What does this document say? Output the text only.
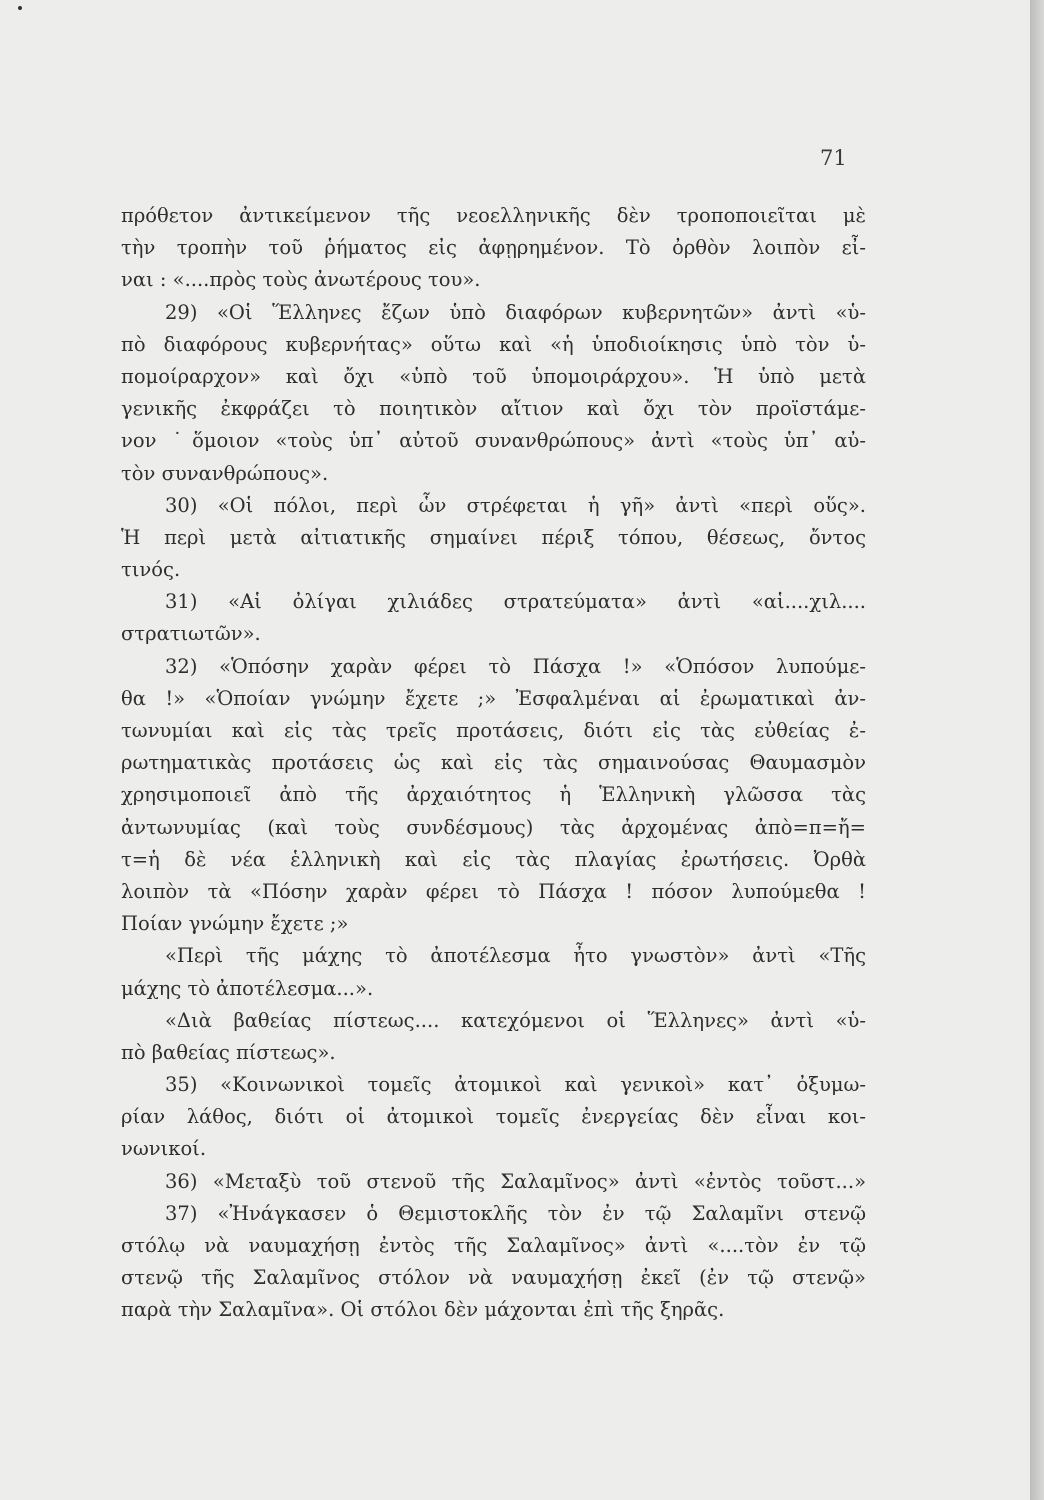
71
πρόθετον ἀντικείμενον τῆς νεοελληνικῆς δὲν τροποποιεῖται μὲ
τὴν τροπὴν τοῦ ῥήματος εἰς ἀφῃρημένον. Τὸ ὀρθὸν λοιπὸν εἶ-
ναι : «....πρὸς τοὺς ἀνωτέρους του».
29) «Οἱ Ἕλληνες ἔζων ὑπὸ διαφόρων κυβερνητῶν» ἀντὶ «ὑ-
πὸ διαφόρους κυβερνήτας» οὕτω καὶ «ἡ ὑποδιοίκησις ὑπὸ τὸν ὑ-
πομοίραρχον» καὶ ὄχι «ὑπὸ τοῦ ὑπομοιράρχου». Ἡ ὑπὸ μετὰ
γενικῆς ἐκφράζει τὸ ποιητικὸν αἴτιον καὶ ὄχι τὸν προϊστάμε-
νον ˙ὅμοιον «τοὺς ὑπ᾽ αὐτοῦ συνανθρώπους» ἀντὶ «τοὺς ὑπ᾽ αὐ-
τὸν συνανθρώπους».
30) «Οἱ πόλοι, περὶ ὧν στρέφεται ἡ γῆ» ἀντὶ «περὶ οὕς».
Ἡ περὶ μετὰ αἰτιατικῆς σημαίνει πέριξ τόπου, θέσεως, ὄντος
τινός.
31) «Αἱ ὀλίγαι χιλιάδες στρατεύματα» ἀντὶ «αἱ....χιλ....
στρατιωτῶν».
32) «Ὁπόσην χαρὰν φέρει τὸ Πάσχα !» «Ὁπόσον λυπούμε-
θα !» «Ὁποίαν γνώμην ἔχετε ;» Ἐσφαλμέναι αἱ ἐρωματικαὶ ἀν-
τωνυμίαι καὶ εἰς τὰς τρεῖς προτάσεις, διότι εἰς τὰς εὐθείας ἐ-
ρωτηματικὰς προτάσεις ὡς καὶ εἰς τὰς σημαινούσας Θαυμασμὸν
χρησιμοποιεῖ ἀπὸ τῆς ἀρχαιότητος ἡ Ἑλληνικὴ γλῶσσα τὰς
ἀντωνυμίας (καὶ τοὺς συνδέσμους) τὰς ἀρχομένας ἀπὸ=π=ἤ=
τ=ἡ δὲ νέα ἑλληνικὴ καὶ εἰς τὰς πλαγίας ἐρωτήσεις. Ὀρθὰ
λοιπὸν τὰ «Πόσην χαρὰν φέρει τὸ Πάσχα ! πόσον λυπούμεθα !
Ποίαν γνώμην ἔχετε ;»
«Περὶ τῆς μάχης τὸ ἀποτέλεσμα ἦτο γνωστὸν» ἀντὶ «Τῆς
μάχης τὸ ἀποτέλεσμα...».
«Διὰ βαθείας πίστεως.... κατεχόμενοι οἱ Ἕλληνες» ἀντὶ «ὑ-
πὸ βαθείας πίστεως».
35) «Κοινωνικοὶ τομεῖς ἀτομικοὶ καὶ γενικοὶ» κατ᾽ ὀξυμω-
ρίαν λάθος, διότι οἱ ἀτομικοὶ τομεῖς ἐνεργείας δὲν εἶναι κοι-
νωνικοί.
36) «Μεταξὺ τοῦ στενοῦ τῆς Σαλαμῖνος» ἀντὶ «ἐντὸς τοῦστ...»
37) «Ἠνάγκασεν ὁ Θεμιστοκλῆς τὸν ἐν τῷ Σαλαμῖνι στενῷ
στόλῳ νὰ ναυμαχήσῃ ἐντὸς τῆς Σαλαμῖνος» ἀντὶ «....τὸν ἐν τῷ
στενῷ τῆς Σαλαμῖνος στόλον νὰ ναυμαχήσῃ ἐκεῖ (ἐν τῷ στενῷ»
παρὰ τὴν Σαλαμῖνα». Οἱ στόλοι δὲν μάχονται ἐπὶ τῆς ξηρᾶς.
